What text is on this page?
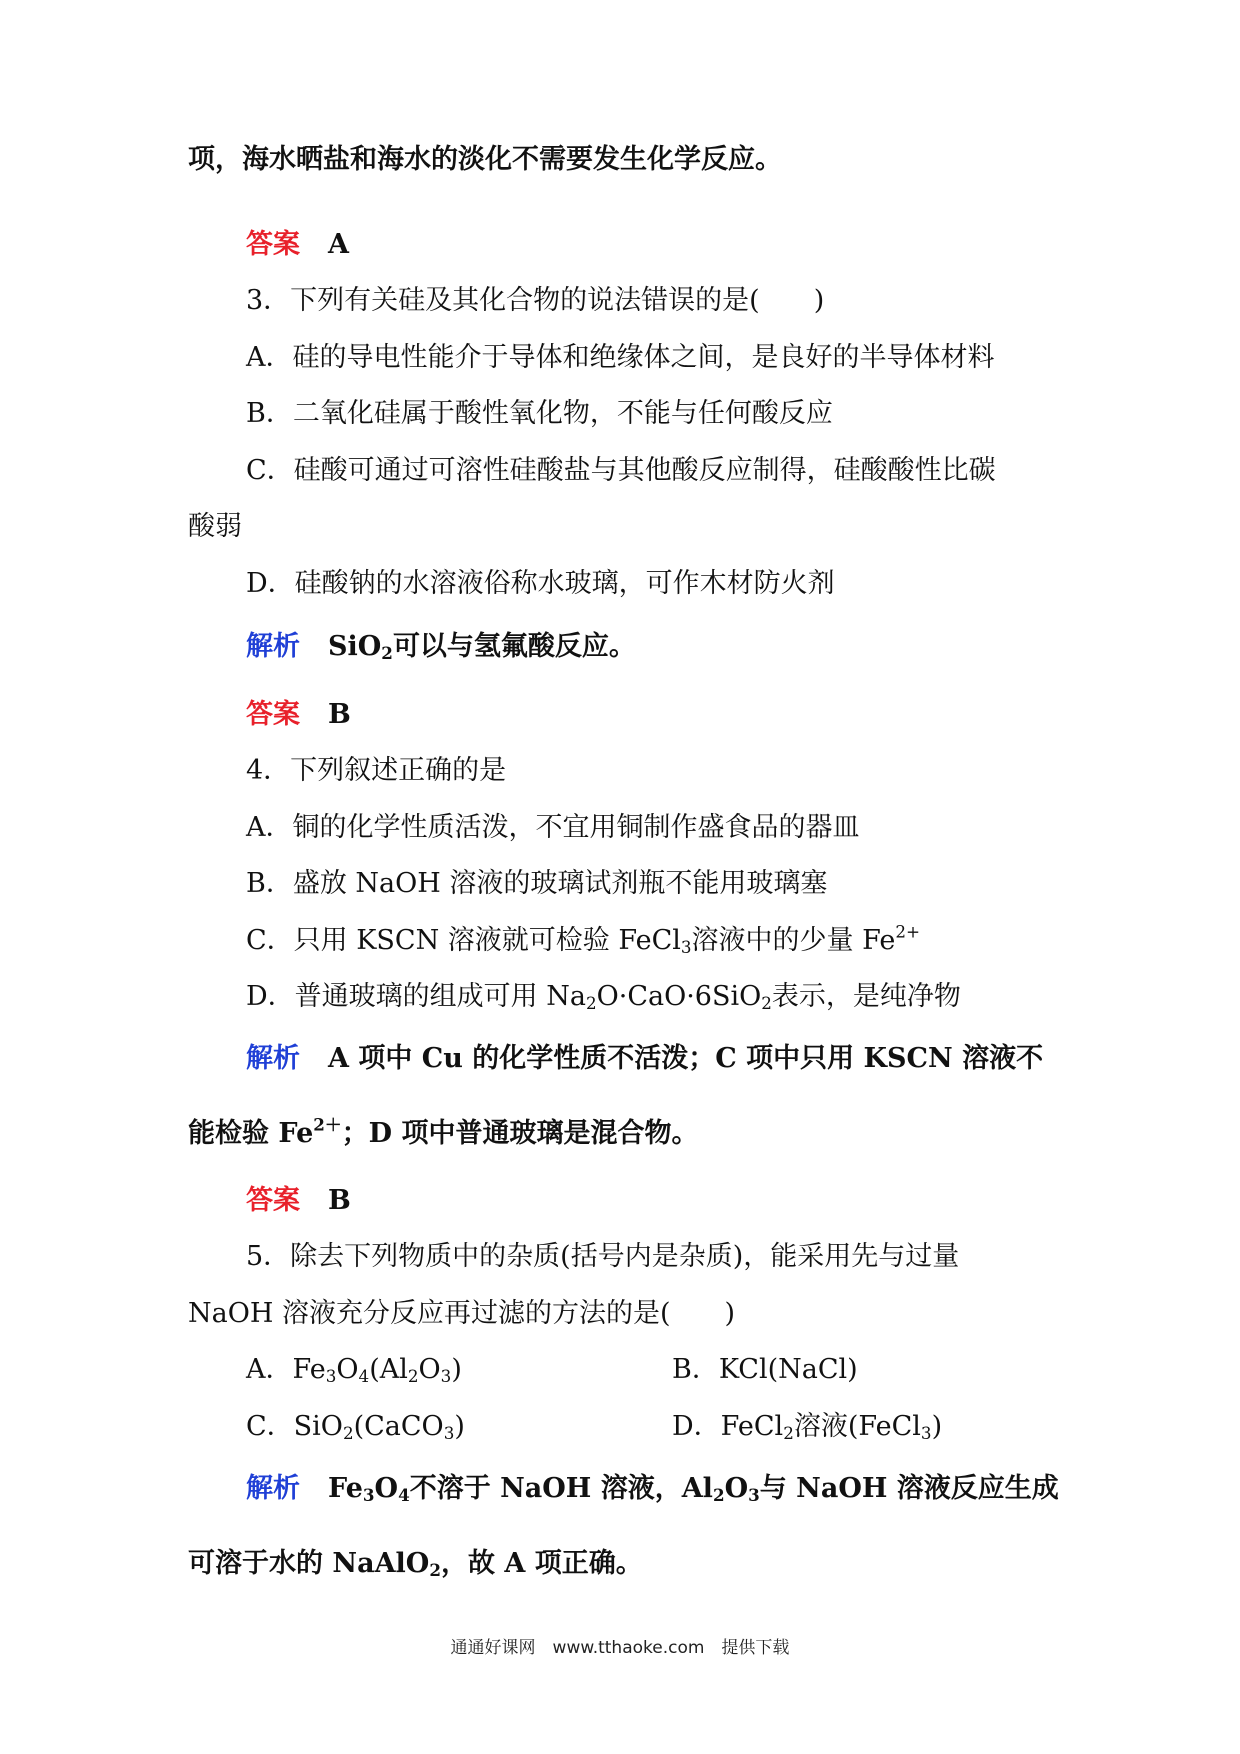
项，海水晒盐和海水的淡化不需要发生化学反应。
答案 A
3．下列有关硅及其化合物的说法错误的是(　　)
A．硅的导电性能介于导体和绝缘体之间，是良好的半导体材料
B．二氧化硅属于酸性氧化物，不能与任何酸反应
C．硅酸可通过可溶性硅酸盐与其他酸反应制得，硅酸酸性比碳
酸弱
D．硅酸钠的水溶液俗称水玻璃，可作木材防火剂
解析 SiO$_2$可以与氢氟酸反应。
答案 B
4．下列叙述正确的是
A．铜的化学性质活泼，不宜用铜制作盛食品的器皿
B．盛放 NaOH 溶液的玻璃试剂瓶不能用玻璃塞
C．只用 KSCN 溶液就可检验 FeCl$_3$溶液中的少量 $Fe^{2+}$
D．普通玻璃的组成可用 $Na_2O\cdot CaO\cdot 6SiO_2$表示，是纯净物
解析 A 项中 Cu 的化学性质不活泼；C 项中只用 KSCN 溶液不
能检验 $Fe^{2+}$；D 项中普通玻璃是混合物。
答案 B
5．除去下列物质中的杂质(括号内是杂质)，能采用先与过量
NaOH 溶液充分反应再过滤的方法的是(　　)
A．$Fe_3O_4(Al_2O_3)$	B．KCl(NaCl)
C．SiO$_2$(CaCO$_3$)	D．FeCl$_2$溶液(FeCl$_3$)
解析 $Fe_3O_4$不溶于 NaOH 溶液，$Al_2O_3$与 NaOH 溶液反应生成
可溶于水的 NaAlO$_2$，故 A 项正确。
通通好课网　www.tthaoke.com　提供下载
